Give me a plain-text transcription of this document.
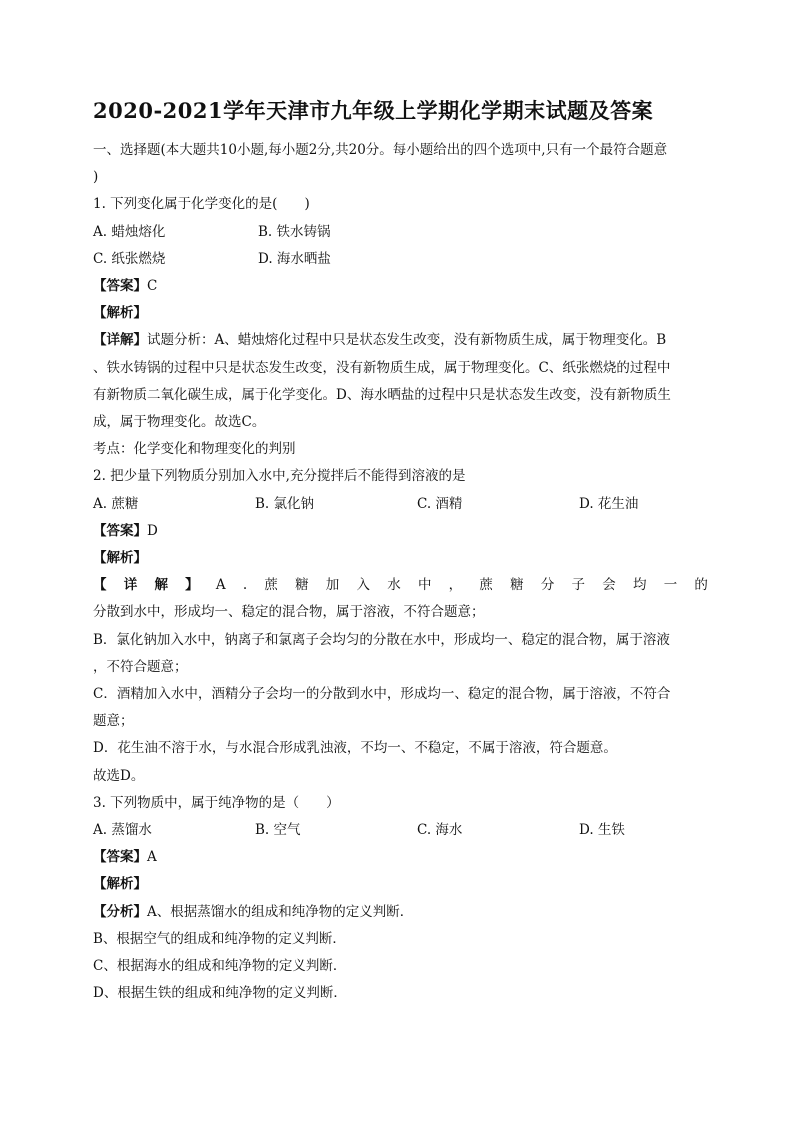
2020-2021学年天津市九年级上学期化学期末试题及答案

一、选择题(本大题共10小题,每小题2分,共20分。每小题给出的四个选项中,只有一个最符合题意

)

1. 下列变化属于化学变化的是(　　)

A. 蜡烛熔化	B. 铁水铸锅
C. 纸张燃烧	D. 海水晒盐

【答案】C

【解析】

【详解】试题分析：A、蜡烛熔化过程中只是状态发生改变，没有新物质生成，属于物理变化。B

、铁水铸锅的过程中只是状态发生改变，没有新物质生成，属于物理变化。C、纸张燃烧的过程中

有新物质二氧化碳生成，属于化学变化。D、海水晒盐的过程中只是状态发生改变，没有新物质生

成，属于物理变化。故选C。

考点：化学变化和物理变化的判别

2. 把少量下列物质分别加入水中,充分搅拌后不能得到溶液的是

A. 蔗糖	B. 氯化钠	C. 酒精	D. 花生油

【答案】D

【解析】

【 详 解 】 A . 蔗 糖 加 入 水 中 ， 蔗 糖 分 子 会 均 一 的

分散到水中，形成均一、稳定的混合物，属于溶液，不符合题意；

B．氯化钠加入水中，钠离子和氯离子会均匀的分散在水中，形成均一、稳定的混合物，属于溶液

，不符合题意；

C．酒精加入水中，酒精分子会均一的分散到水中，形成均一、稳定的混合物，属于溶液，不符合

题意；

D．花生油不溶于水，与水混合形成乳浊液，不均一、不稳定，不属于溶液，符合题意。

故选D。

3. 下列物质中，属于纯净物的是（　　）

A. 蒸馏水	B. 空气	C. 海水	D. 生铁

【答案】A

【解析】

【分析】A、根据蒸馏水的组成和纯净物的定义判断．

B、根据空气的组成和纯净物的定义判断．

C、根据海水的组成和纯净物的定义判断．

D、根据生铁的组成和纯净物的定义判断．
